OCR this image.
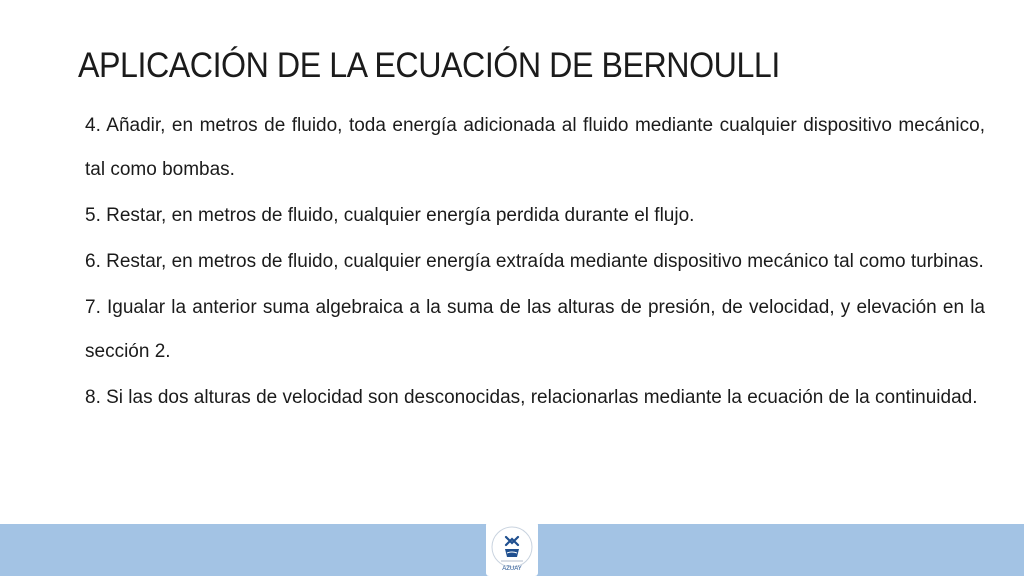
APLICACIÓN DE LA ECUACIÓN DE BERNOULLI

4. Añadir, en metros de fluido, toda energía adicionada al fluido mediante cualquier dispositivo mecánico, tal como bombas.

5. Restar, en metros de fluido, cualquier energía perdida durante el flujo.

6. Restar, en metros de fluido, cualquier energía extraída mediante dispositivo mecánico tal como turbinas.

7. Igualar la anterior suma algebraica a la suma de las alturas de presión, de velocidad, y elevación en la sección 2.

8. Si las dos alturas de velocidad son desconocidas, relacionarlas mediante la ecuación de la continuidad.

AZUAY
